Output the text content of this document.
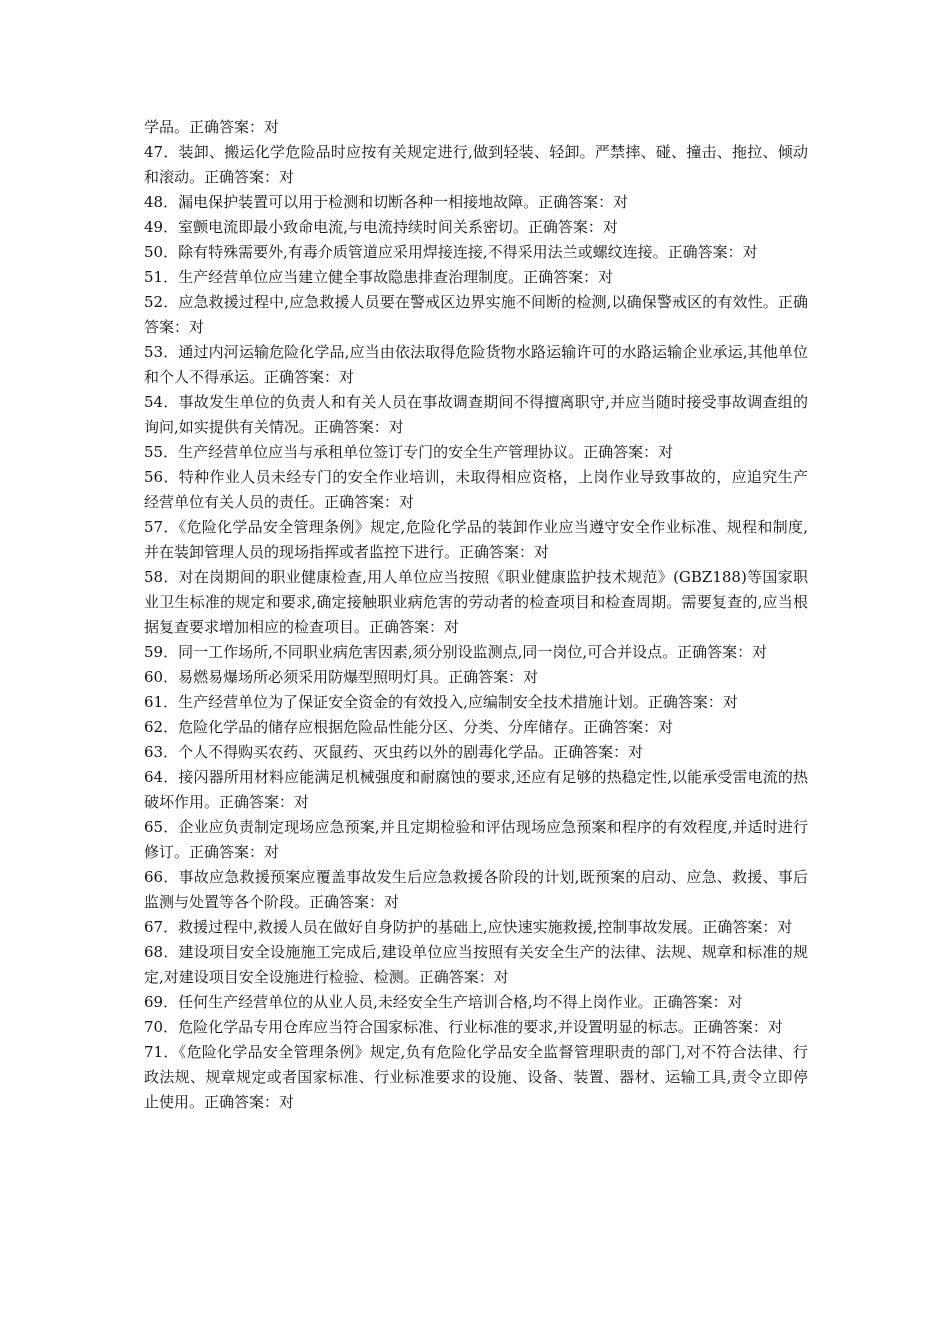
学品。正确答案：对

47．装卸、搬运化学危险品时应按有关规定进行,做到轻装、轻卸。严禁摔、碰、撞击、拖拉、倾动和滚动。正确答案：对

48．漏电保护装置可以用于检测和切断各种一相接地故障。正确答案：对

49．室颤电流即最小致命电流,与电流持续时间关系密切。正确答案：对

50．除有特殊需要外,有毒介质管道应采用焊接连接,不得采用法兰或螺纹连接。正确答案：对

51．生产经营单位应当建立健全事故隐患排查治理制度。正确答案：对

52．应急救援过程中,应急救援人员要在警戒区边界实施不间断的检测,以确保警戒区的有效性。正确答案：对

53．通过内河运输危险化学品,应当由依法取得危险货物水路运输许可的水路运输企业承运,其他单位和个人不得承运。正确答案：对

54．事故发生单位的负责人和有关人员在事故调查期间不得擅离职守,并应当随时接受事故调查组的询问,如实提供有关情况。正确答案：对

55．生产经营单位应当与承租单位签订专门的安全生产管理协议。正确答案：对

56．特种作业人员未经专门的安全作业培训，未取得相应资格，上岗作业导致事故的，应追究生产经营单位有关人员的责任。正确答案：对

57．《危险化学品安全管理条例》规定,危险化学品的装卸作业应当遵守安全作业标准、规程和制度,并在装卸管理人员的现场指挥或者监控下进行。正确答案：对

58．对在岗期间的职业健康检查,用人单位应当按照《职业健康监护技术规范》(GBZ188)等国家职业卫生标准的规定和要求,确定接触职业病危害的劳动者的检查项目和检查周期。需要复查的,应当根据复查要求增加相应的检查项目。正确答案：对

59．同一工作场所,不同职业病危害因素,须分别设监测点,同一岗位,可合并设点。正确答案：对

60．易燃易爆场所必须采用防爆型照明灯具。正确答案：对

61．生产经营单位为了保证安全资金的有效投入,应编制安全技术措施计划。正确答案：对

62．危险化学品的储存应根据危险品性能分区、分类、分库储存。正确答案：对

63．个人不得购买农药、灭鼠药、灭虫药以外的剧毒化学品。正确答案：对

64．接闪器所用材料应能满足机械强度和耐腐蚀的要求,还应有足够的热稳定性,以能承受雷电流的热破坏作用。正确答案：对

65．企业应负责制定现场应急预案,并且定期检验和评估现场应急预案和程序的有效程度,并适时进行修订。正确答案：对

66．事故应急救援预案应覆盖事故发生后应急救援各阶段的计划,既预案的启动、应急、救援、事后监测与处置等各个阶段。正确答案：对

67．救援过程中,救援人员在做好自身防护的基础上,应快速实施救援,控制事故发展。正确答案：对

68．建设项目安全设施施工完成后,建设单位应当按照有关安全生产的法律、法规、规章和标准的规定,对建设项目安全设施进行检验、检测。正确答案：对

69．任何生产经营单位的从业人员,未经安全生产培训合格,均不得上岗作业。正确答案：对

70．危险化学品专用仓库应当符合国家标准、行业标准的要求,并设置明显的标志。正确答案：对

71．《危险化学品安全管理条例》规定,负有危险化学品安全监督管理职责的部门,对不符合法律、行政法规、规章规定或者国家标准、行业标准要求的设施、设备、装置、器材、运输工具,责令立即停止使用。正确答案：对
